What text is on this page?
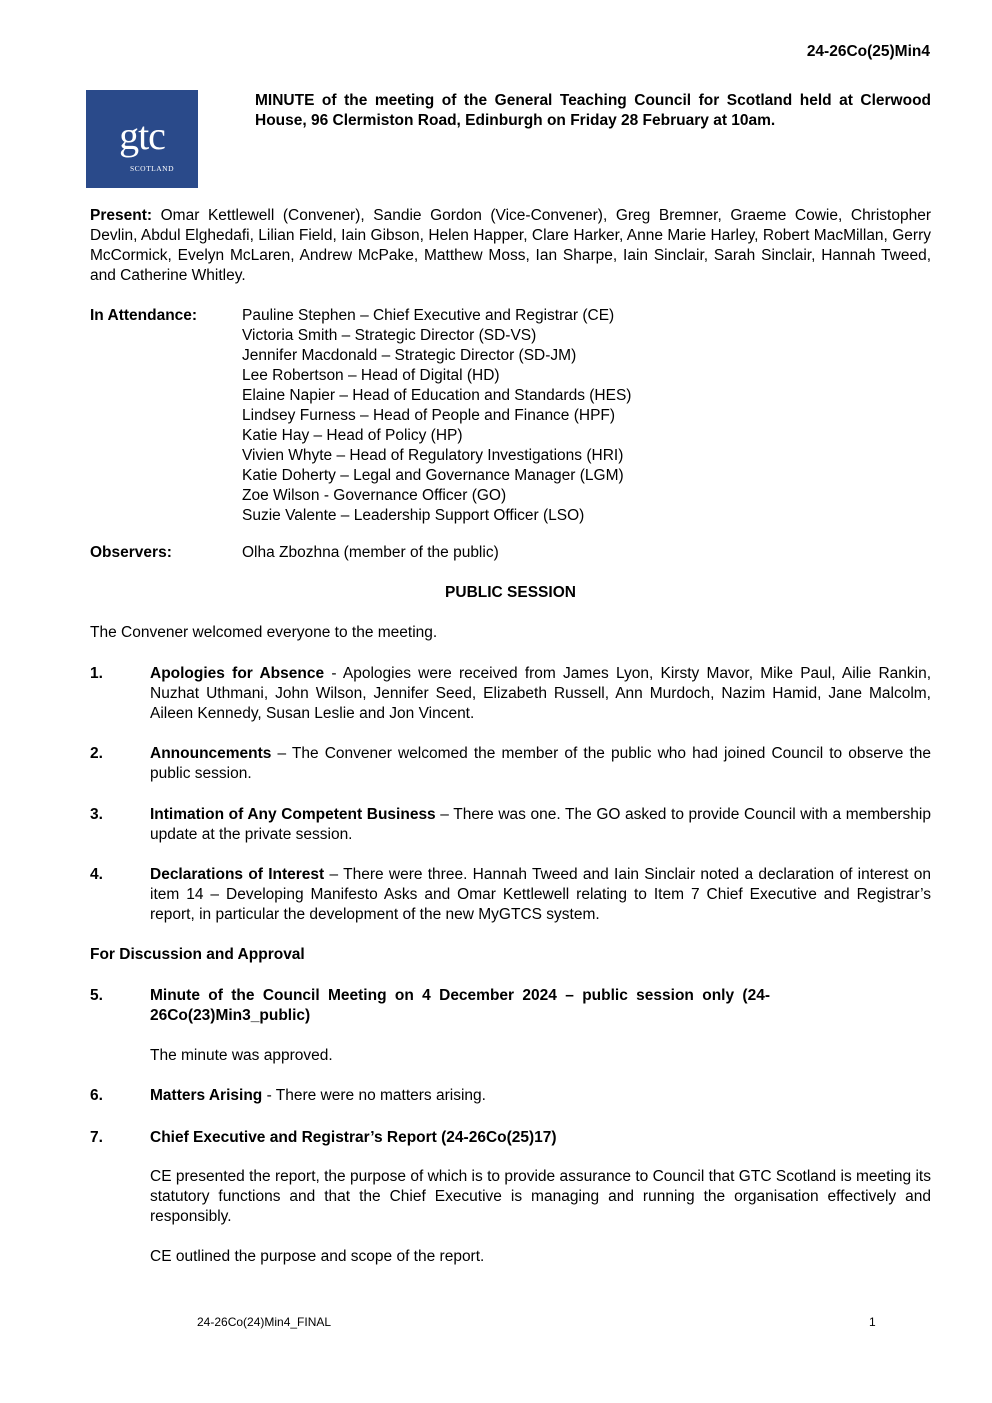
24-26Co(25)Min4
gtc
SCOTLAND
MINUTE of the meeting of the General Teaching Council for Scotland held at Clerwood House, 96 Clermiston Road, Edinburgh on Friday 28 February at 10am.
Present: Omar Kettlewell (Convener), Sandie Gordon (Vice-Convener), Greg Bremner, Graeme Cowie, Christopher Devlin, Abdul Elghedafi, Lilian Field, Iain Gibson, Helen Happer, Clare Harker, Anne Marie Harley, Robert MacMillan, Gerry McCormick, Evelyn McLaren, Andrew McPake, Matthew Moss, Ian Sharpe, Iain Sinclair, Sarah Sinclair, Hannah Tweed, and Catherine Whitley.
In Attendance:	Pauline Stephen – Chief Executive and Registrar (CE)
Victoria Smith – Strategic Director (SD-VS)
Jennifer Macdonald – Strategic Director (SD-JM)
Lee Robertson – Head of Digital (HD)
Elaine Napier – Head of Education and Standards (HES)
Lindsey Furness – Head of People and Finance (HPF)
Katie Hay – Head of Policy (HP)
Vivien Whyte – Head of Regulatory Investigations (HRI)
Katie Doherty – Legal and Governance Manager (LGM)
Zoe Wilson - Governance Officer (GO)
Suzie Valente – Leadership Support Officer (LSO)
Observers:	Olha Zbozhna (member of the public)
PUBLIC SESSION
The Convener welcomed everyone to the meeting.
1.	Apologies for Absence - Apologies were received from James Lyon, Kirsty Mavor, Mike Paul, Ailie Rankin, Nuzhat Uthmani, John Wilson, Jennifer Seed, Elizabeth Russell, Ann Murdoch, Nazim Hamid, Jane Malcolm, Aileen Kennedy, Susan Leslie and Jon Vincent.
2.	Announcements – The Convener welcomed the member of the public who had joined Council to observe the public session.
3.	Intimation of Any Competent Business – There was one. The GO asked to provide Council with a membership update at the private session.
4.	Declarations of Interest – There were three. Hannah Tweed and Iain Sinclair noted a declaration of interest on item 14 – Developing Manifesto Asks and Omar Kettlewell relating to Item 7 Chief Executive and Registrar’s report, in particular the development of the new MyGTCS system.
For Discussion and Approval
5.	Minute of the Council Meeting on 4 December 2024 – public session only (24-26Co(23)Min3_public)
The minute was approved.
6.	Matters Arising - There were no matters arising.
7.	Chief Executive and Registrar’s Report (24-26Co(25)17)
CE presented the report, the purpose of which is to provide assurance to Council that GTC Scotland is meeting its statutory functions and that the Chief Executive is managing and running the organisation effectively and responsibly.
CE outlined the purpose and scope of the report.
24-26Co(24)Min4_FINAL	1
